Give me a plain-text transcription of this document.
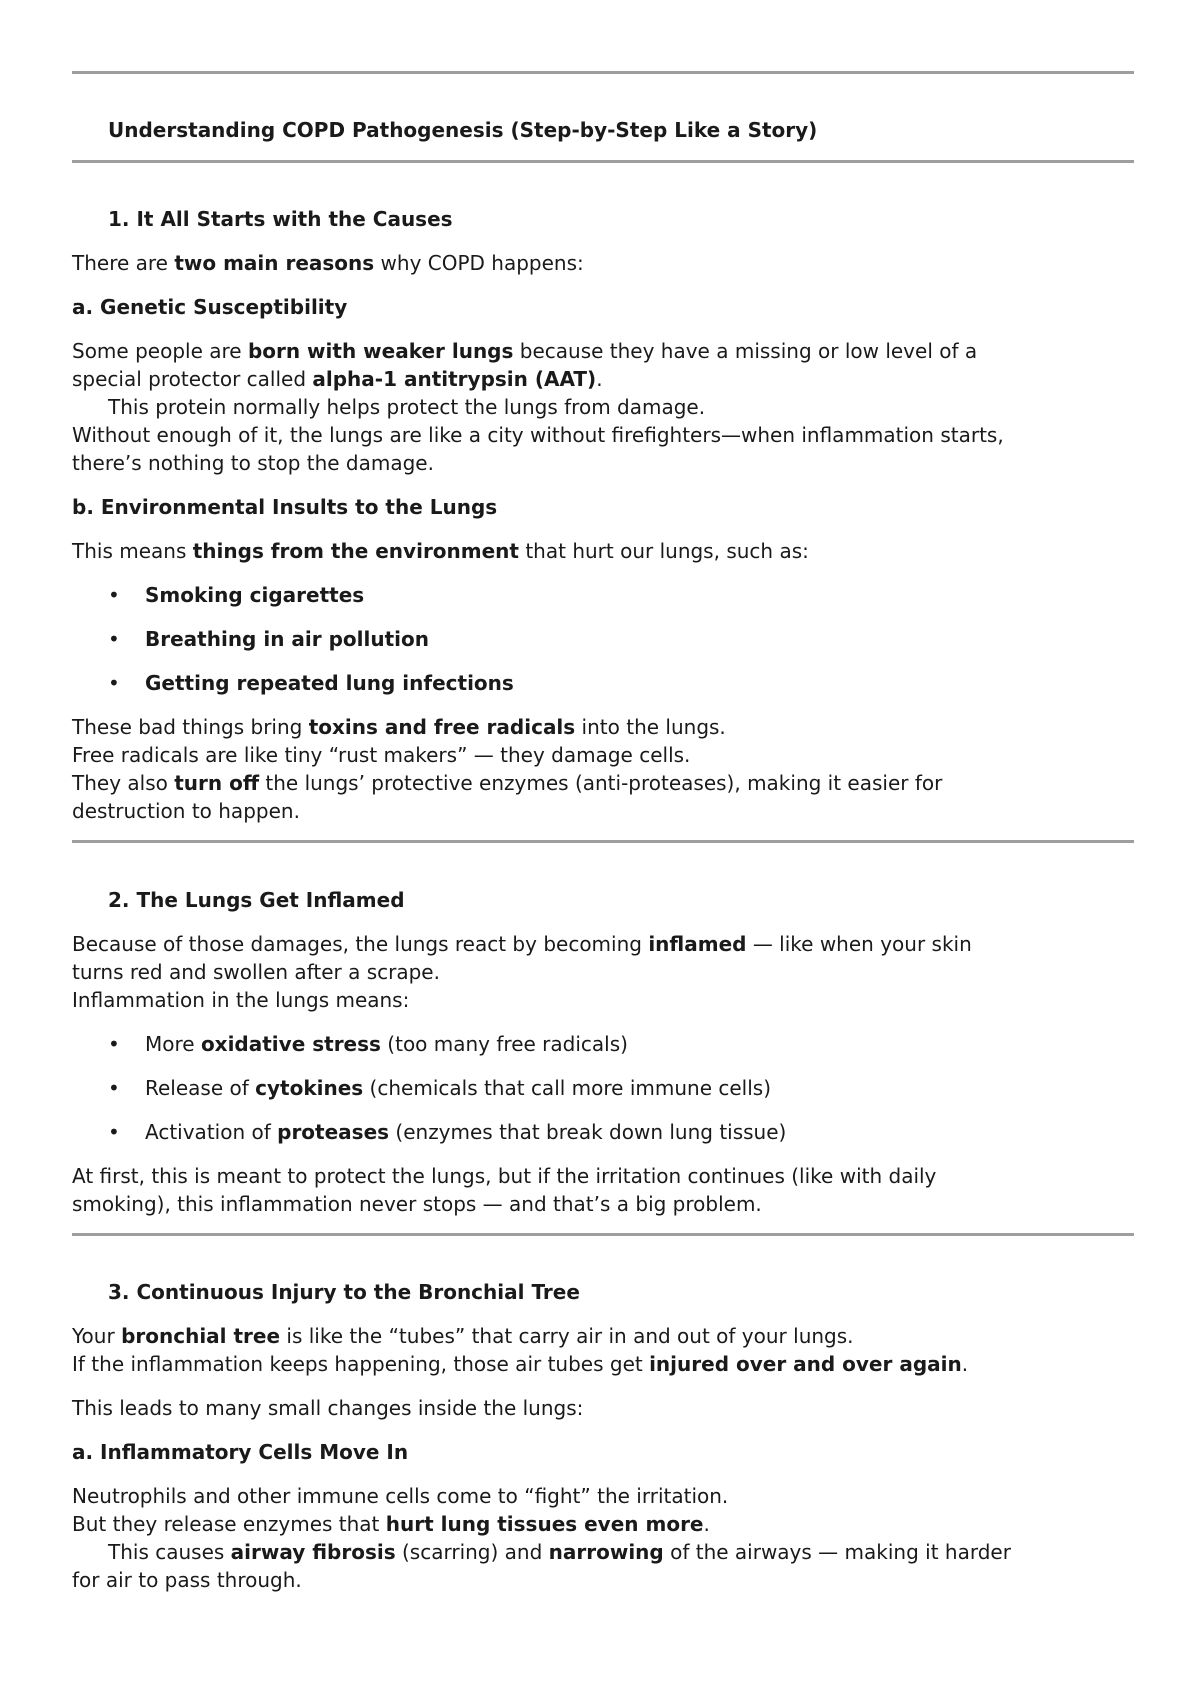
Understanding COPD Pathogenesis (Step-by-Step Like a Story)
1. It All Starts with the Causes

There are two main reasons why COPD happens:

a. Genetic Susceptibility

Some people are born with weaker lungs because they have a missing or low level of a

special protector called alpha-1 antitrypsin (AAT).

This protein normally helps protect the lungs from damage.

Without enough of it, the lungs are like a city without firefighters—when inflammation starts,

there’s nothing to stop the damage.

b. Environmental Insults to the Lungs

This means things from the environment that hurt our lungs, such as:

• Smoking cigarettes
• Breathing in air pollution
• Getting repeated lung infections

These bad things bring toxins and free radicals into the lungs.

Free radicals are like tiny “rust makers” — they damage cells.

They also turn off the lungs’ protective enzymes (anti-proteases), making it easier for

destruction to happen.

2. The Lungs Get Inflamed

Because of those damages, the lungs react by becoming inflamed — like when your skin

turns red and swollen after a scrape.

Inflammation in the lungs means:

• More oxidative stress (too many free radicals)
• Release of cytokines (chemicals that call more immune cells)
• Activation of proteases (enzymes that break down lung tissue)

At first, this is meant to protect the lungs, but if the irritation continues (like with daily

smoking), this inflammation never stops — and that’s a big problem.

3. Continuous Injury to the Bronchial Tree

Your bronchial tree is like the “tubes” that carry air in and out of your lungs.

If the inflammation keeps happening, those air tubes get injured over and over again.

This leads to many small changes inside the lungs:

a. Inflammatory Cells Move In

Neutrophils and other immune cells come to “fight” the irritation.

But they release enzymes that hurt lung tissues even more.

This causes airway fibrosis (scarring) and narrowing of the airways — making it harder

for air to pass through.
